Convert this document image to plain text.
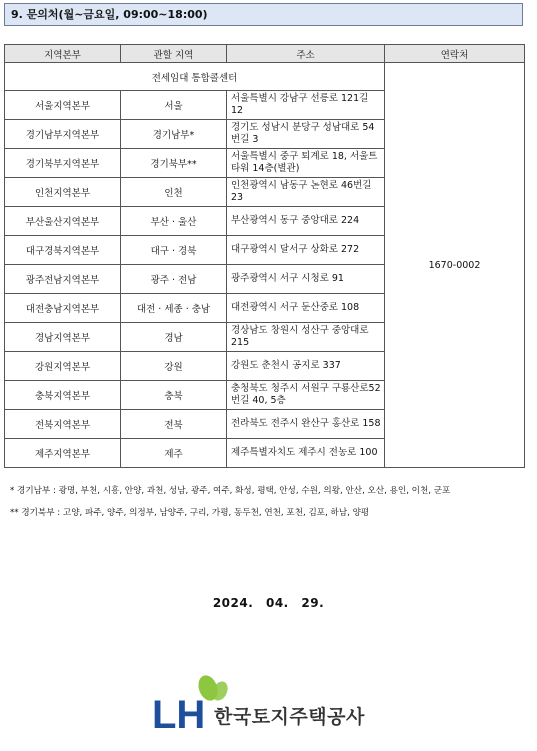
9. 문의처(월~금요일, 09:00~18:00)
지역본부	관할 지역	주소	연락처
전세임대 통합콜센터			1670-0002
서울지역본부	서울	서울특별시 강남구 선릉로 121길 12	
경기남부지역본부	경기남부*	경기도 성남시 분당구 성남대로 54번길 3	
경기북부지역본부	경기북부**	서울특별시 중구 퇴계로 18, 서울트타워 14층(별관)	
인천지역본부	인천	인천광역시 남동구 논현로 46번길 23	
부산울산지역본부	부산 · 울산	부산광역시 동구 중앙대로 224	
대구경북지역본부	대구 · 경북	대구광역시 달서구 상화로 272	
광주전남지역본부	광주 · 전남	광주광역시 서구 시청로 91	
대전충남지역본부	대전 · 세종 · 충남	대전광역시 서구 둔산중로 108	
경남지역본부	경남	경상남도 창원시 성산구 중앙대로 215	
강원지역본부	강원	강원도 춘천시 공지로 337	
충북지역본부	충북	충청북도 청주시 서원구 구룡산로52번길 40, 5층	
전북지역본부	전북	전라북도 전주시 완산구 홍산로 158	
제주지역본부	제주	제주특별자치도 제주시 전농로 100	
* 경기남부 : 광명, 부천, 시흥, 안양, 과천, 성남, 광주, 여주, 화성, 평택, 안성, 수원, 의왕, 안산, 오산, 용인, 이천, 군포
** 경기북부 : 고양, 파주, 양주, 의정부, 남양주, 구리, 가평, 동두천, 연천, 포천, 김포, 하남, 양평
2024. 04. 29.
LH 한국토지주택공사
